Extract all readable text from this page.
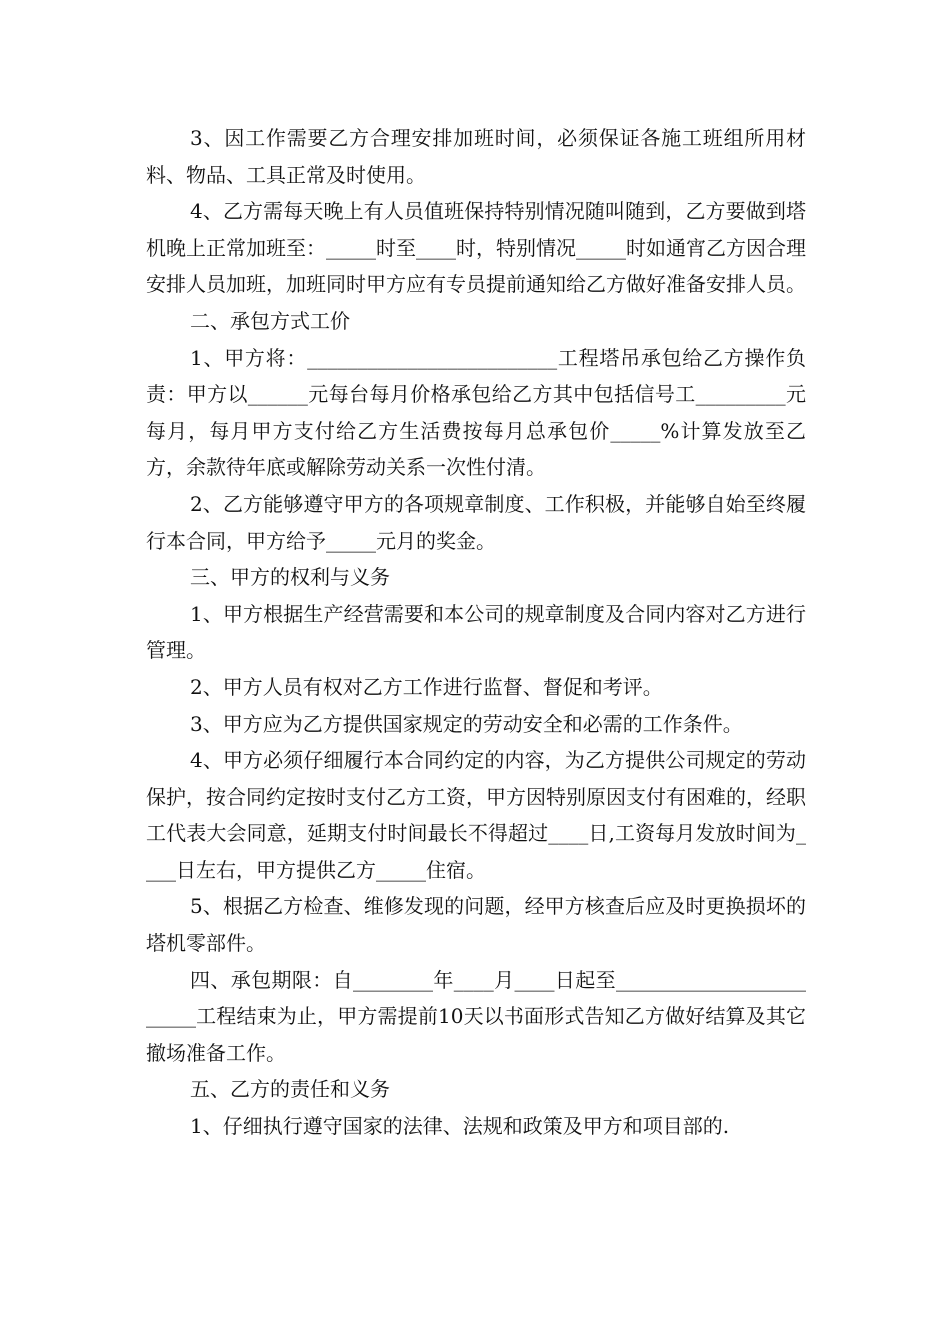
3、因工作需要乙方合理安排加班时间，必须保证各施工班组所用材料、物品、工具正常及时使用。

4、乙方需每天晚上有人员值班保持特别情况随叫随到，乙方要做到塔机晚上正常加班至：_____时至____时，特别情况_____时如通宵乙方因合理安排人员加班，加班同时甲方应有专员提前通知给乙方做好准备安排人员。

二、承包方式工价

1、甲方将：_________________________工程塔吊承包给乙方操作负责：甲方以______元每台每月价格承包给乙方其中包括信号工_________元每月，每月甲方支付给乙方生活费按每月总承包价_____%计算发放至乙方，余款待年底或解除劳动关系一次性付清。

2、乙方能够遵守甲方的各项规章制度、工作积极，并能够自始至终履行本合同，甲方给予_____元月的奖金。

三、甲方的权利与义务

1、甲方根据生产经营需要和本公司的规章制度及合同内容对乙方进行管理。

2、甲方人员有权对乙方工作进行监督、督促和考评。

3、甲方应为乙方提供国家规定的劳动安全和必需的工作条件。

4、甲方必须仔细履行本合同约定的内容，为乙方提供公司规定的劳动保护，按合同约定按时支付乙方工资，甲方因特别原因支付有困难的，经职工代表大会同意，延期支付时间最长不得超过____日,工资每月发放时间为____日左右，甲方提供乙方_____住宿。

5、根据乙方检查、维修发现的问题，经甲方核查后应及时更换损坏的塔机零部件。

四、承包期限：自________年____月____日起至________________________工程结束为止，甲方需提前10天以书面形式告知乙方做好结算及其它撤场准备工作。

五、乙方的责任和义务

1、仔细执行遵守国家的法律、法规和政策及甲方和项目部的.
